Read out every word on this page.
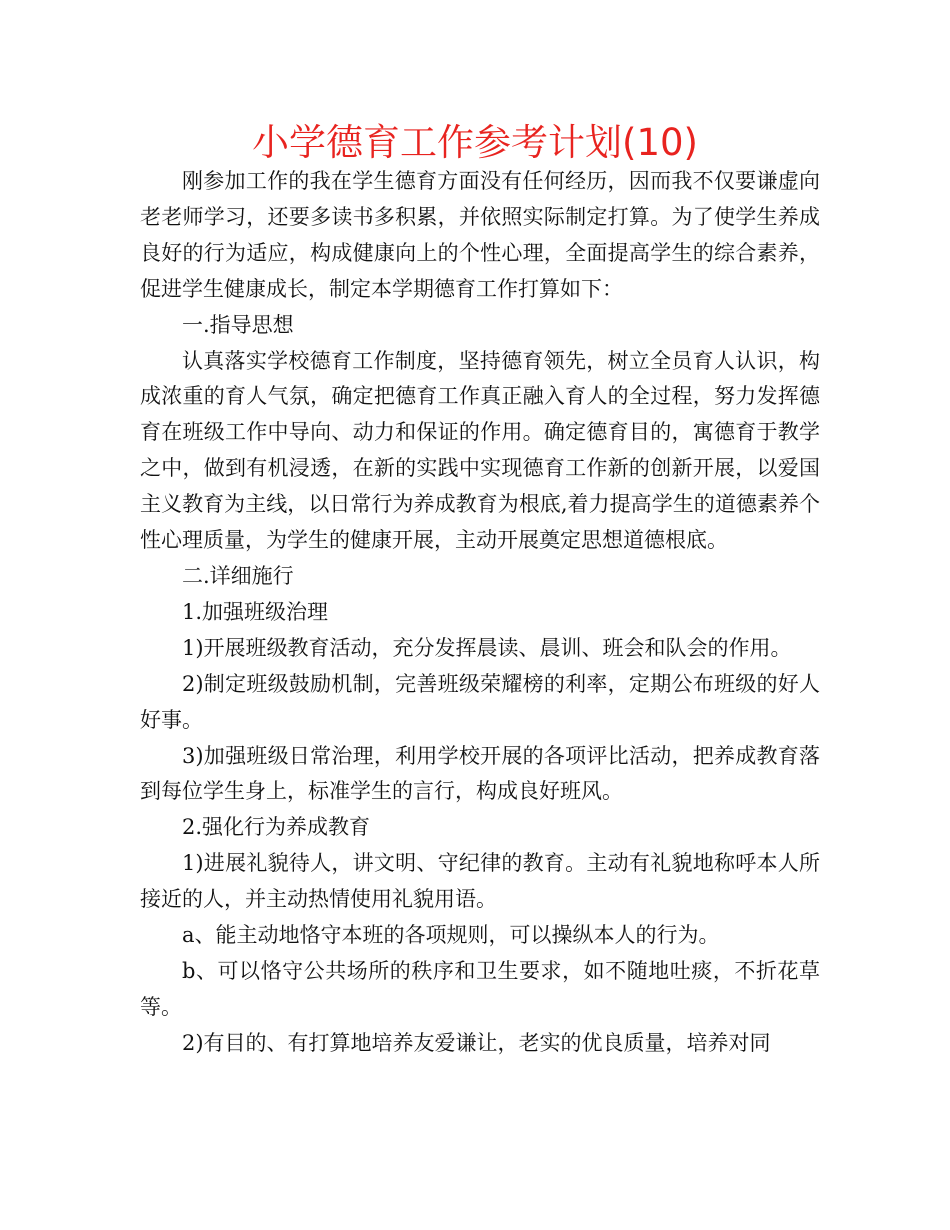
小学德育工作参考计划(10)

刚参加工作的我在学生德育方面没有任何经历，因而我不仅要谦虚向老老师学习，还要多读书多积累，并依照实际制定打算。为了使学生养成良好的行为适应，构成健康向上的个性心理，全面提高学生的综合素养，促进学生健康成长，制定本学期德育工作打算如下：

一.指导思想

认真落实学校德育工作制度，坚持德育领先，树立全员育人认识，构成浓重的育人气氛，确定把德育工作真正融入育人的全过程，努力发挥德育在班级工作中导向、动力和保证的作用。确定德育目的，寓德育于教学之中，做到有机浸透，在新的实践中实现德育工作新的创新开展，以爱国主义教育为主线，以日常行为养成教育为根底,着力提高学生的道德素养个性心理质量，为学生的健康开展，主动开展奠定思想道德根底。

二.详细施行

1.加强班级治理

1)开展班级教育活动，充分发挥晨读、晨训、班会和队会的作用。

2)制定班级鼓励机制，完善班级荣耀榜的利率，定期公布班级的好人好事。

3)加强班级日常治理，利用学校开展的各项评比活动，把养成教育落到每位学生身上，标准学生的言行，构成良好班风。

2.强化行为养成教育

1)进展礼貌待人，讲文明、守纪律的教育。主动有礼貌地称呼本人所接近的人，并主动热情使用礼貌用语。

a、能主动地恪守本班的各项规则，可以操纵本人的行为。

b、可以恪守公共场所的秩序和卫生要求，如不随地吐痰，不折花草等。

2)有目的、有打算地培养友爱谦让，老实的优良质量，培养对同
